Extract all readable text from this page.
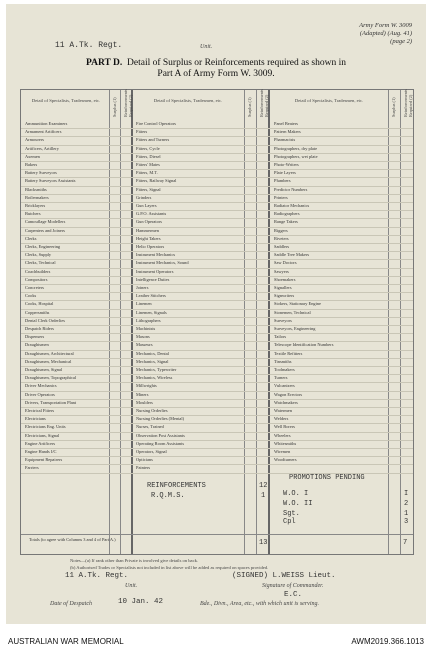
Army Form W. 3009
(Adapted) (Aug. 41)
(page 2)
11 A.Tk. Regt.	Unit.
PART D. Detail of Surplus or Reinforcements required as shown in
Part A of Army Form W. 3009.
Detail of Specialists, Tradesmen, etc.	Surplus (1) Reinforcements Required (2)	Detail of Specialists, Tradesmen, etc.	Surplus (1) Reinforcements Required (2)	Detail of Specialists, Tradesmen, etc.	Surplus (1) Reinforcements Required (2)
Ammunition Examiners	Fire Control Operators	Panel Beaters
Armament Artificers	Fitters	Pattern Makers
Armourers	Fitters and Turners	Pharmacists
Artificers, Artillery	Fitters, Cycle	Photographers, dry plate
Axemen	Fitters, Diesel	Photographers, wet plate
Bakers	Fitters' Mates	Photo-Writers
Battery Surveyors	Fitters, M.T.	Plate Layers
Battery Surveyors Assistants	Fitters, Railway Signal	Plumbers
Blacksmiths	Fitters, Signal	Predictor Numbers
Boilermakers	Grinders	Printers
Bricklayers	Gun Layers	Radiator Mechanics
Butchers	G.P.O. Assistants	Radiographers
Camouflage Modellers	Gun Operators	Range Takers
Carpenters and Joiners	Hammermen	Riggers
Clerks	Height Takers	Riveters
Clerks, Engineering	Helio Operators	Saddlers
Clerks, Supply	Instrument Mechanics	Saddle Tree Makers
Clerks, Technical	Instrument Mechanics, Sound	Saw Doctors
Coachbuilders	Instrument Operators	Sawyers
Compositors	Intelligence Duties	Shoemakers
Concreters	Joiners	Signallers
Cooks	Leather Stitchers	Signwriters
Cooks, Hospital	Linemen	Stokers, Stationary Engine
Coppersmiths	Linemen, Signals	Stonemen, Technical
Dental Clerk Orderlies	Lithographers	Surveyors
Despatch Riders	Machinists	Surveyors, Engineering
Dispensers	Masons	Tailors
Draughtsmen	Masseurs	Telescope Identification Numbers
Draughtsmen, Architectural	Mechanics, Dental	Textile Refitters
Draughtsmen, Mechanical	Mechanics, Signal	Tinsmiths
Draughtsmen, Signal	Mechanics, Typewriter	Toolmakers
Draughtsmen, Topographical	Mechanics, Wireless	Turners
Driver Mechanics	Millwrights	Vulcanizers
Driver Operators	Miners	Wagon Erectors
Drivers, Transportation Plant	Moulders	Watchmakers
Electrical Fitters	Nursing Orderlies	Watermen
Electricians	Nursing Orderlies (Mental)	Welders
Electricians Eng. Units	Nurses, Trained	Well Borers
Electricians, Signal	Observation Post Assistants	Wheelers
Engine Artificers	Operating Room Assistants	Whitesmiths
Engine Hands I/C	Operators, Signal	Wiremen
Equipment Repairers	Opticians	Woodturners
Farriers	Painters
REINFORCEMENTS	12
R.Q.M.S.	1
PROMOTIONS PENDING
W.O. I	I
W.O. II	2
Sgt.	1
Cpl	3
Totals (to agree with Columns 3 and 4 of Part A.)	13	7
Notes—(a) If rank other than Private is involved give details on back.
(b) Authorised Trades or Specialists not included in list above will be added as required on spaces provided.
11 A.Tk. Regt.
Unit.
(SIGNED) L.WEISS Lieut.
Signature of Commander.
E.C.
Date of Despatch	10 Jan. 42	Bde., Divn., Area, etc., with which unit is serving.
AUSTRALIAN WAR MEMORIAL	AWM2019.366.1013
